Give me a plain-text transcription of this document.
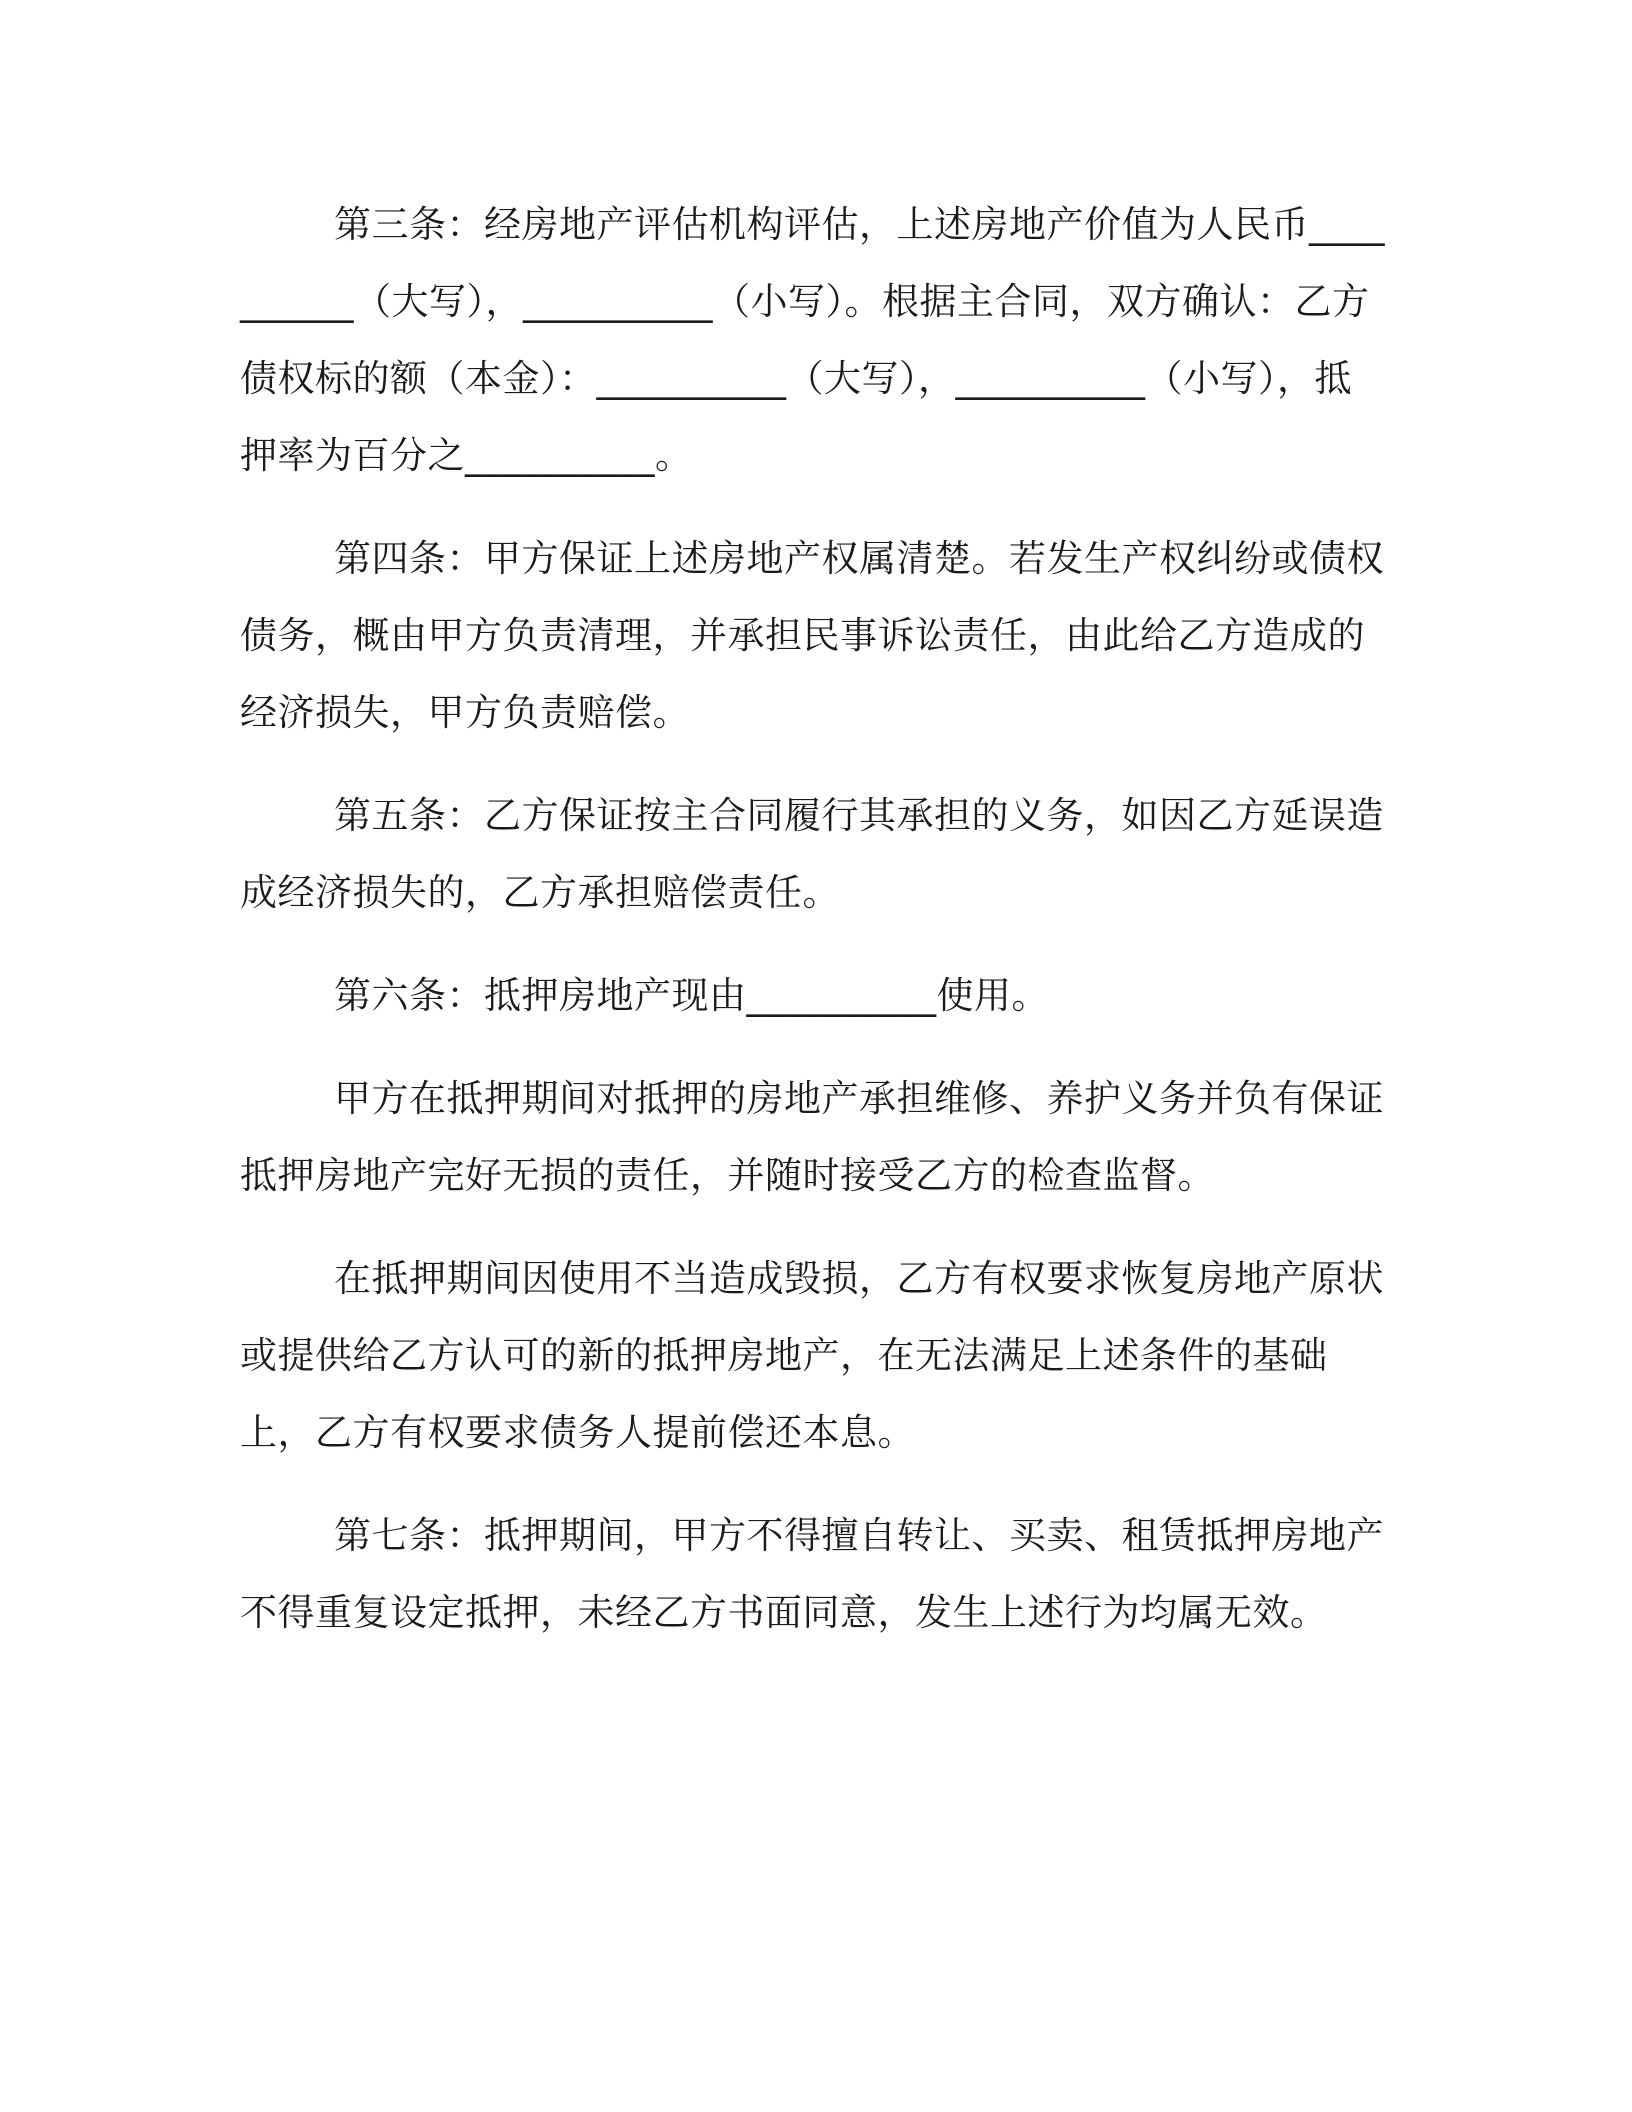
第三条：经房地产评估机构评估，上述房地产价值为人民币__________（大写），__________（小写）。根据主合同，双方确认：乙方债权标的额（本金）：__________（大写），__________（小写），抵押率为百分之__________。

第四条：甲方保证上述房地产权属清楚。若发生产权纠纷或债权债务，概由甲方负责清理，并承担民事诉讼责任，由此给乙方造成的经济损失，甲方负责赔偿。

第五条：乙方保证按主合同履行其承担的义务，如因乙方延误造成经济损失的，乙方承担赔偿责任。

第六条：抵押房地产现由__________使用。

甲方在抵押期间对抵押的房地产承担维修、养护义务并负有保证抵押房地产完好无损的责任，并随时接受乙方的检查监督。

在抵押期间因使用不当造成毁损，乙方有权要求恢复房地产原状或提供给乙方认可的新的抵押房地产，在无法满足上述条件的基础上，乙方有权要求债务人提前偿还本息。

第七条：抵押期间，甲方不得擅自转让、买卖、租赁抵押房地产不得重复设定抵押，未经乙方书面同意，发生上述行为均属无效。
